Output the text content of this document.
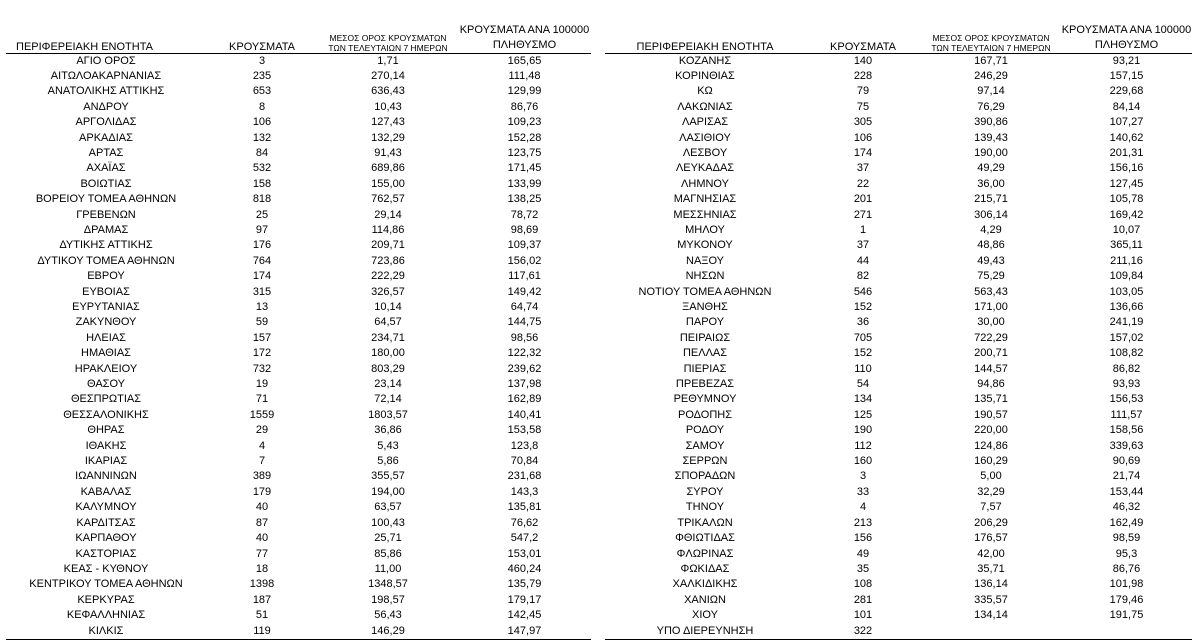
ΠΕΡΙΦΕΡΕΙΑΚΗ ΕΝΟΤΗΤΑ	ΚΡΟΥΣΜΑΤΑ	ΜΕΣΟΣ ΟΡΟΣ ΚΡΟΥΣΜΑΤΩΝ
ΤΩΝ ΤΕΛΕΥΤΑΙΩΝ 7 ΗΜΕΡΩΝ	ΚΡΟΥΣΜΑΤΑ ΑΝΑ 100000
ΠΛΗΘΥΣΜΟ
ΑΓΙΟ ΟΡΟΣ	3	1,71	165,65
ΑΙΤΩΛΟΑΚΑΡΝΑΝΙΑΣ	235	270,14	111,48
ΑΝΑΤΟΛΙΚΗΣ ΑΤΤΙΚΗΣ	653	636,43	129,99
ΑΝΔΡΟΥ	8	10,43	86,76
ΑΡΓΟΛΙΔΑΣ	106	127,43	109,23
ΑΡΚΑΔΙΑΣ	132	132,29	152,28
ΑΡΤΑΣ	84	91,43	123,75
ΑΧΑΪΑΣ	532	689,86	171,45
ΒΟΙΩΤΙΑΣ	158	155,00	133,99
ΒΟΡΕΙΟΥ ΤΟΜΕΑ ΑΘΗΝΩΝ	818	762,57	138,25
ΓΡΕΒΕΝΩΝ	25	29,14	78,72
ΔΡΑΜΑΣ	97	114,86	98,69
ΔΥΤΙΚΗΣ ΑΤΤΙΚΗΣ	176	209,71	109,37
ΔΥΤΙΚΟΥ ΤΟΜΕΑ ΑΘΗΝΩΝ	764	723,86	156,02
ΕΒΡΟΥ	174	222,29	117,61
ΕΥΒΟΙΑΣ	315	326,57	149,42
ΕΥΡΥΤΑΝΙΑΣ	13	10,14	64,74
ΖΑΚΥΝΘΟΥ	59	64,57	144,75
ΗΛΕΙΑΣ	157	234,71	98,56
ΗΜΑΘΙΑΣ	172	180,00	122,32
ΗΡΑΚΛΕΙΟΥ	732	803,29	239,62
ΘΑΣΟΥ	19	23,14	137,98
ΘΕΣΠΡΩΤΙΑΣ	71	72,14	162,89
ΘΕΣΣΑΛΟΝΙΚΗΣ	1559	1803,57	140,41
ΘΗΡΑΣ	29	36,86	153,58
ΙΘΑΚΗΣ	4	5,43	123,8
ΙΚΑΡΙΑΣ	7	5,86	70,84
ΙΩΑΝΝΙΝΩΝ	389	355,57	231,68
ΚΑΒΑΛΑΣ	179	194,00	143,3
ΚΑΛΥΜΝΟΥ	40	63,57	135,81
ΚΑΡΔΙΤΣΑΣ	87	100,43	76,62
ΚΑΡΠΑΘΟΥ	40	25,71	547,2
ΚΑΣΤΟΡΙΑΣ	77	85,86	153,01
ΚΕΑΣ - ΚΥΘΝΟΥ	18	11,00	460,24
ΚΕΝΤΡΙΚΟΥ ΤΟΜΕΑ ΑΘΗΝΩΝ	1398	1348,57	135,79
ΚΕΡΚΥΡΑΣ	187	198,57	179,17
ΚΕΦΑΛΛΗΝΙΑΣ	51	56,43	142,45
ΚΙΛΚΙΣ	119	146,29	147,97
ΠΕΡΙΦΕΡΕΙΑΚΗ ΕΝΟΤΗΤΑ	ΚΡΟΥΣΜΑΤΑ	ΜΕΣΟΣ ΟΡΟΣ ΚΡΟΥΣΜΑΤΩΝ
ΤΩΝ ΤΕΛΕΥΤΑΙΩΝ 7 ΗΜΕΡΩΝ	ΚΡΟΥΣΜΑΤΑ ΑΝΑ 100000
ΠΛΗΘΥΣΜΟ
ΚΟΖΑΝΗΣ	140	167,71	93,21
ΚΟΡΙΝΘΙΑΣ	228	246,29	157,15
ΚΩ	79	97,14	229,68
ΛΑΚΩΝΙΑΣ	75	76,29	84,14
ΛΑΡΙΣΑΣ	305	390,86	107,27
ΛΑΣΙΘΙΟΥ	106	139,43	140,62
ΛΕΣΒΟΥ	174	190,00	201,31
ΛΕΥΚΑΔΑΣ	37	49,29	156,16
ΛΗΜΝΟΥ	22	36,00	127,45
ΜΑΓΝΗΣΙΑΣ	201	215,71	105,78
ΜΕΣΣΗΝΙΑΣ	271	306,14	169,42
ΜΗΛΟΥ	1	4,29	10,07
ΜΥΚΟΝΟΥ	37	48,86	365,11
ΝΑΞΟΥ	44	49,43	211,16
ΝΗΣΩΝ	82	75,29	109,84
ΝΟΤΙΟΥ ΤΟΜΕΑ ΑΘΗΝΩΝ	546	563,43	103,05
ΞΑΝΘΗΣ	152	171,00	136,66
ΠΑΡΟΥ	36	30,00	241,19
ΠΕΙΡΑΙΩΣ	705	722,29	157,02
ΠΕΛΛΑΣ	152	200,71	108,82
ΠΙΕΡΙΑΣ	110	144,57	86,82
ΠΡΕΒΕΖΑΣ	54	94,86	93,93
ΡΕΘΥΜΝΟΥ	134	135,71	156,53
ΡΟΔΟΠΗΣ	125	190,57	111,57
ΡΟΔΟΥ	190	220,00	158,56
ΣΑΜΟΥ	112	124,86	339,63
ΣΕΡΡΩΝ	160	160,29	90,69
ΣΠΟΡΑΔΩΝ	3	5,00	21,74
ΣΥΡΟΥ	33	32,29	153,44
ΤΗΝΟΥ	4	7,57	46,32
ΤΡΙΚΑΛΩΝ	213	206,29	162,49
ΦΘΙΩΤΙΔΑΣ	156	176,57	98,59
ΦΛΩΡΙΝΑΣ	49	42,00	95,3
ΦΩΚΙΔΑΣ	35	35,71	86,76
ΧΑΛΚΙΔΙΚΗΣ	108	136,14	101,98
ΧΑΝΙΩΝ	281	335,57	179,46
ΧΙΟΥ	101	134,14	191,75
ΥΠΟ ΔΙΕΡΕΥΝΗΣΗ	322		
